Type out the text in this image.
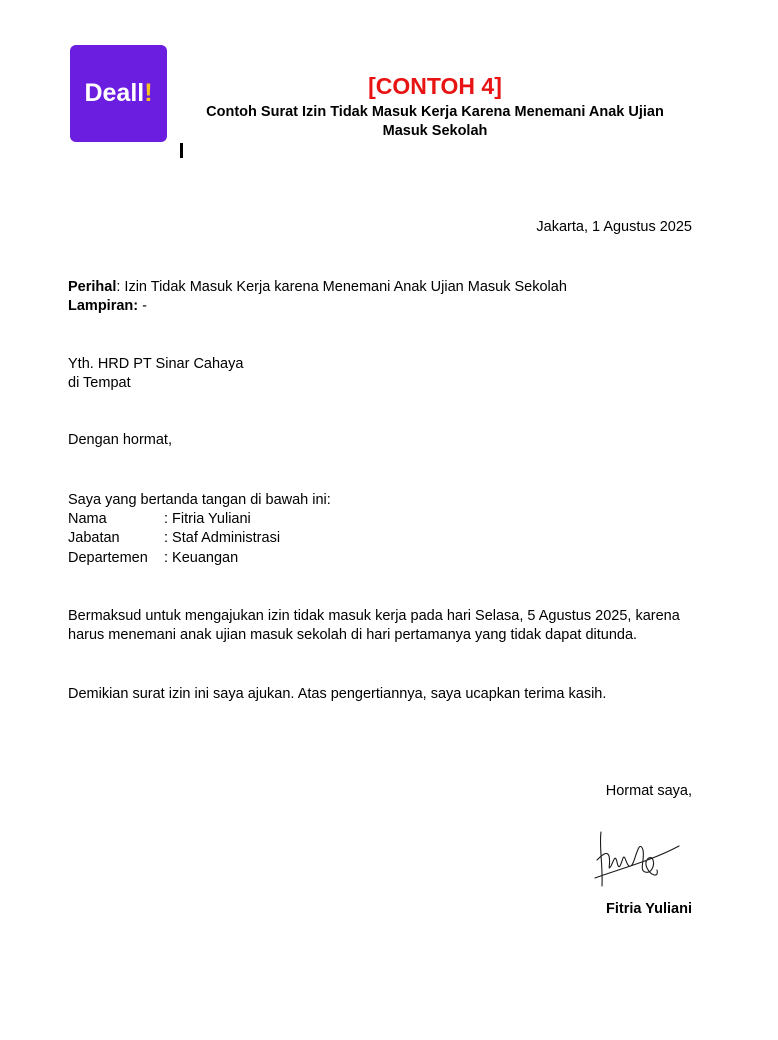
Deall !	[CONTOH 4]
Contoh Surat Izin Tidak Masuk Kerja Karena Menemani Anak Ujian
Masuk Sekolah
Jakarta, 1 Agustus 2025
Perihal: Izin Tidak Masuk Kerja karena Menemani Anak Ujian Masuk Sekolah
Lampiran: -
Yth. HRD PT Sinar Cahaya
di Tempat
Dengan hormat,
Saya yang bertanda tangan di bawah ini:
Nama	: Fitria Yuliani
Jabatan	: Staf Administrasi
Departemen : Keuangan
Bermaksud untuk mengajukan izin tidak masuk kerja pada hari Selasa, 5 Agustus 2025, karena
harus menemani anak ujian masuk sekolah di hari pertamanya yang tidak dapat ditunda.
Demikian surat izin ini saya ajukan. Atas pengertiannya, saya ucapkan terima kasih.
Hormat saya,
Fitria Yuliani
